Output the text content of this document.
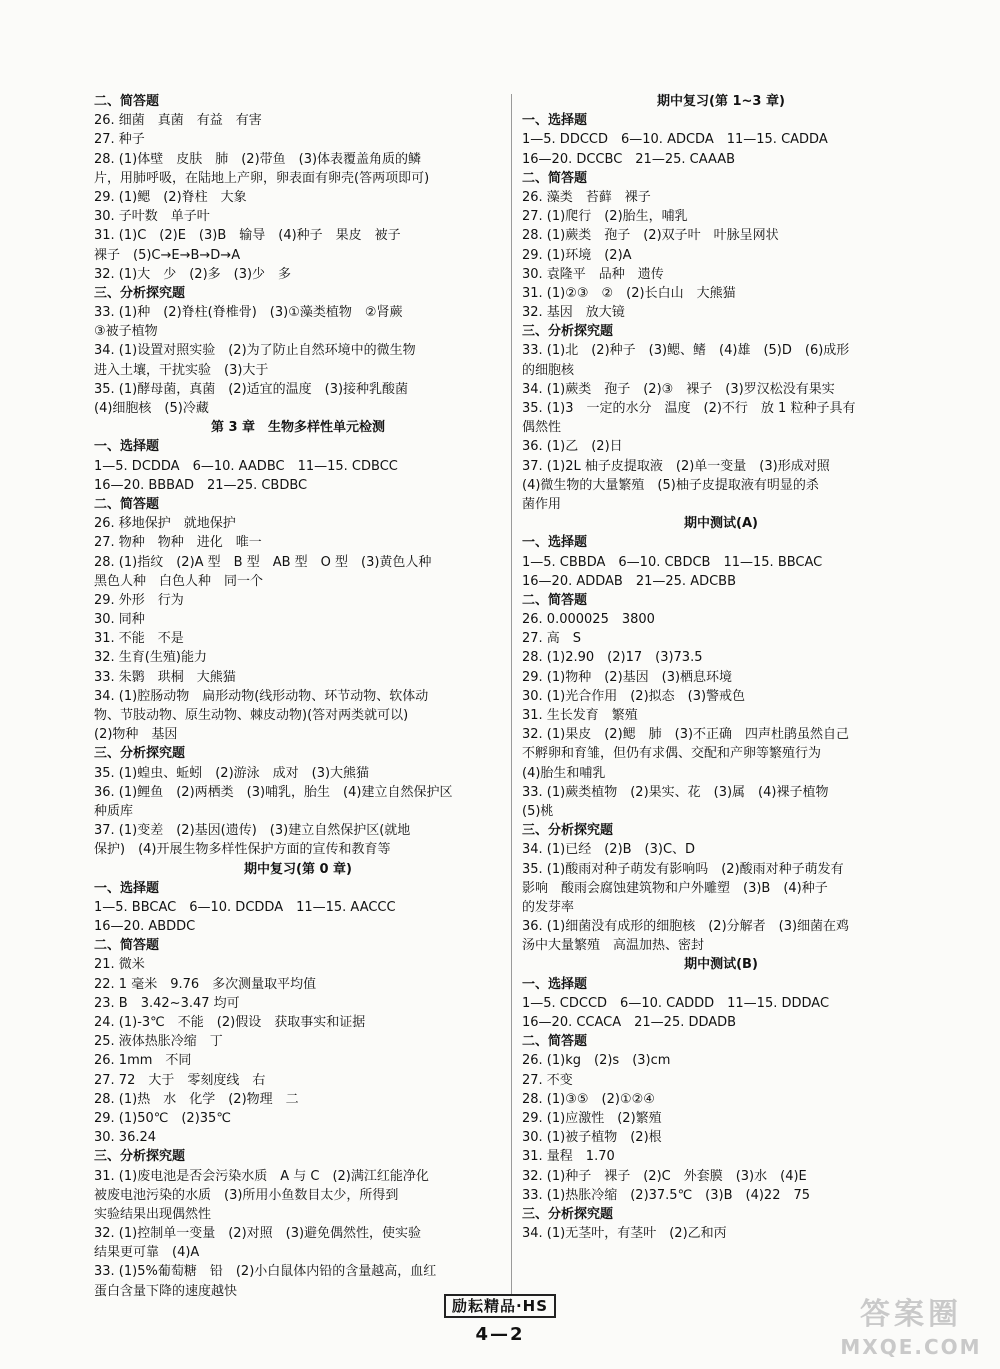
二、简答题
26. 细菌　真菌　有益　有害
27. 种子
28. (1)体壁　皮肤　肺　(2)带鱼　(3)体表覆盖角质的鳞
片，用肺呼吸，在陆地上产卵，卵表面有卵壳(答两项即可)
29. (1)鳃　(2)脊柱　大象
30. 子叶数　单子叶
31. (1)C　(2)E　(3)B　输导　(4)种子　果皮　被子
裸子　(5)C→E→B→D→A
32. (1)大　少　(2)多　(3)少　多
三、分析探究题
33. (1)种　(2)脊柱(脊椎骨)　(3)①藻类植物　②肾蕨
③被子植物
34. (1)设置对照实验　(2)为了防止自然环境中的微生物
进入土壤，干扰实验　(3)大于
35. (1)酵母菌，真菌　(2)适宜的温度　(3)接种乳酸菌
(4)细胞核　(5)冷藏
第 3 章　生物多样性单元检测
一、选择题
1—5. DCDDA　6—10. AADBC　11—15. CDBCC
16—20. BBBAD　21—25. CBDBC
二、简答题
26. 移地保护　就地保护
27. 物种　物种　进化　唯一
28. (1)指纹　(2)A 型　B 型　AB 型　O 型　(3)黄色人种
黑色人种　白色人种　同一个
29. 外形　行为
30. 同种
31. 不能　不是
32. 生育(生殖)能力
33. 朱鹮　珙桐　大熊猫
34. (1)腔肠动物　扁形动物(线形动物、环节动物、软体动
物、节肢动物、原生动物、棘皮动物)(答对两类就可以)
(2)物种　基因
三、分析探究题
35. (1)蝗虫、蚯蚓　(2)游泳　成对　(3)大熊猫
36. (1)鲤鱼　(2)两栖类　(3)哺乳，胎生　(4)建立自然保护区
种质库
37. (1)变差　(2)基因(遗传)　(3)建立自然保护区(就地
保护)　(4)开展生物多样性保护方面的宣传和教育等
期中复习(第 0 章)
一、选择题
1—5. BBCAC　6—10. DCDDA　11—15. AACCC
16—20. ABDDC
二、简答题
21. 微米
22. 1 毫米　9.76　多次测量取平均值
23. B　3.42~3.47 均可
24. (1)-3℃　不能　(2)假设　获取事实和证据
25. 液体热胀冷缩　丁
26. 1mm　不同
27. 72　大于　零刻度线　右
28. (1)热　水　化学　(2)物理　二
29. (1)50℃　(2)35℃
30. 36.24
三、分析探究题
31. (1)废电池是否会污染水质　A 与 C　(2)满江红能净化
被废电池污染的水质　(3)所用小鱼数目太少，所得到
实验结果出现偶然性
32. (1)控制单一变量　(2)对照　(3)避免偶然性，使实验
结果更可靠　(4)A
33. (1)5%葡萄糖　铅　(2)小白鼠体内铅的含量越高，血红
蛋白含量下降的速度越快
期中复习(第 1~3 章)
一、选择题
1—5. DDCCD　6—10. ADCDA　11—15. CADDA
16—20. DCCBC　21—25. CAAAB
二、简答题
26. 藻类　苔藓　裸子
27. (1)爬行　(2)胎生，哺乳
28. (1)蕨类　孢子　(2)双子叶　叶脉呈网状
29. (1)环境　(2)A
30. 袁隆平　品种　遗传
31. (1)②③　②　(2)长白山　大熊猫
32. 基因　放大镜
三、分析探究题
33. (1)北　(2)种子　(3)鳃、鳍　(4)雄　(5)D　(6)成形
的细胞核
34. (1)蕨类　孢子　(2)③　裸子　(3)罗汉松没有果实
35. (1)3　一定的水分　温度　(2)不行　放 1 粒种子具有
偶然性
36. (1)乙　(2)日
37. (1)2L 柚子皮提取液　(2)单一变量　(3)形成对照
(4)微生物的大量繁殖　(5)柚子皮提取液有明显的杀
菌作用
期中测试(A)
一、选择题
1—5. CBBDA　6—10. CBDCB　11—15. BBCAC
16—20. ADDAB　21—25. ADCBB
二、简答题
26. 0.000025　3800
27. 高　S
28. (1)2.90　(2)17　(3)73.5
29. (1)物种　(2)基因　(3)栖息环境
30. (1)光合作用　(2)拟态　(3)警戒色
31. 生长发育　繁殖
32. (1)果皮　(2)鳃　肺　(3)不正确　四声杜鹃虽然自己
不孵卵和育雏，但仍有求偶、交配和产卵等繁殖行为
(4)胎生和哺乳
33. (1)蕨类植物　(2)果实、花　(3)属　(4)裸子植物
(5)桃
三、分析探究题
34. (1)已经　(2)B　(3)C、D
35. (1)酸雨对种子萌发有影响吗　(2)酸雨对种子萌发有
影响　酸雨会腐蚀建筑物和户外雕塑　(3)B　(4)种子
的发芽率
36. (1)细菌没有成形的细胞核　(2)分解者　(3)细菌在鸡
汤中大量繁殖　高温加热、密封
期中测试(B)
一、选择题
1—5. CDCCD　6—10. CADDD　11—15. DDDAC
16—20. CCACA　21—25. DDADB
二、简答题
26. (1)kg　(2)s　(3)cm
27. 不变
28. (1)③⑤　(2)①②④
29. (1)应激性　(2)繁殖
30. (1)被子植物　(2)根
31. 量程　1.70
32. (1)种子　裸子　(2)C　外套膜　(3)水　(4)E
33. (1)热胀冷缩　(2)37.5℃　(3)B　(4)22　75
三、分析探究题
34. (1)无茎叶，有茎叶　(2)乙和丙
励耘精品·HS
4—2
答案圈
MXQE.COM
